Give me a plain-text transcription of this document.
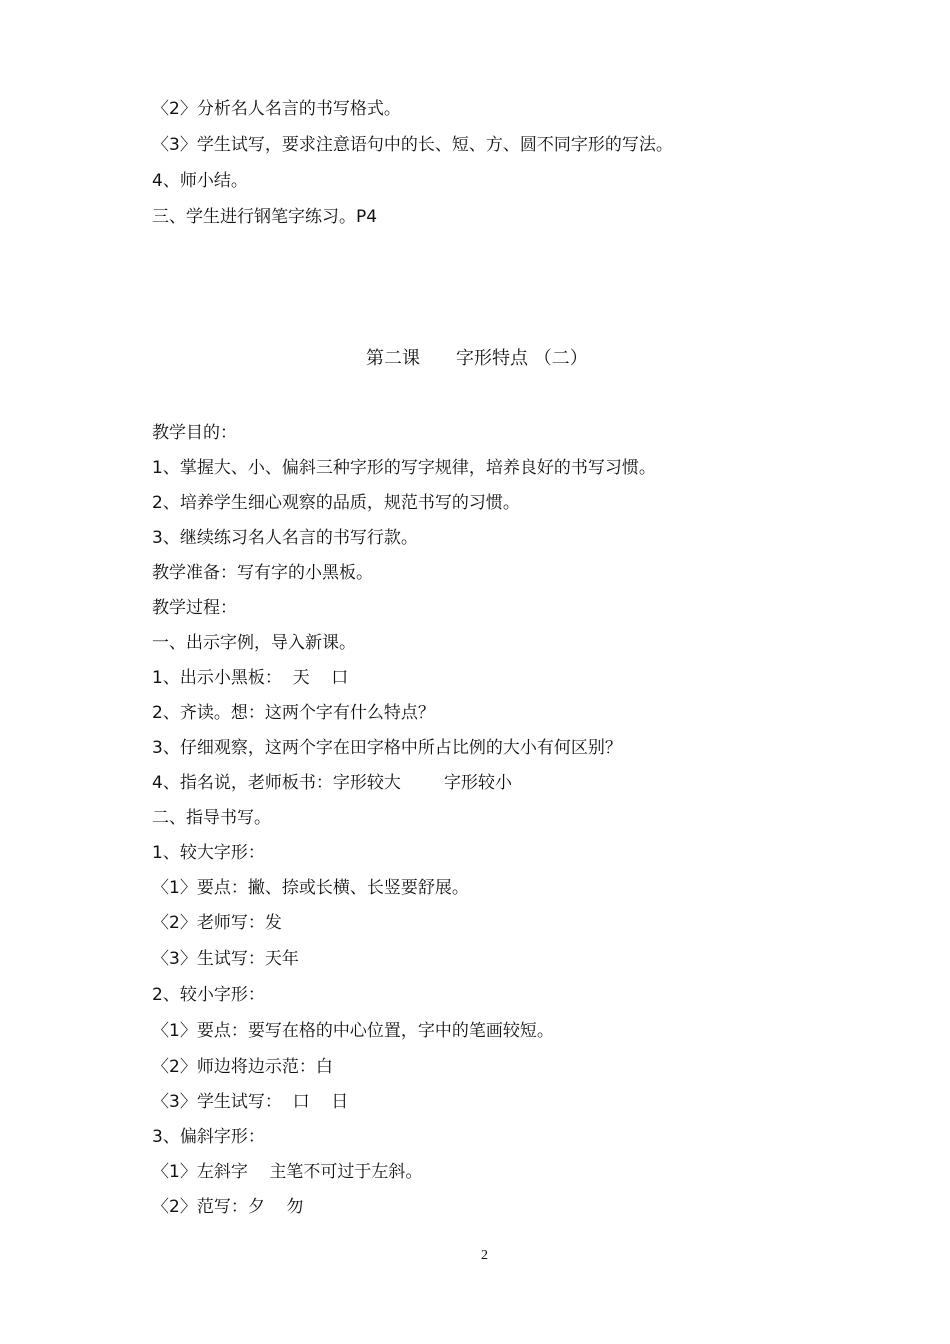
〈2〉分析名人名言的书写格式。
〈3〉学生试写，要求注意语句中的长、短、方、圆不同字形的写法。
4、师小结。
三、学生进行钢笔字练习。P4
第二课　　字形特点 （二）
教学目的：
1、掌握大、小、偏斜三种字形的写字规律，培养良好的书写习惯。
2、培养学生细心观察的品质，规范书写的习惯。
3、继续练习名人名言的书写行款。
教学准备：写有字的小黑板。
教学过程：
一、出示字例，导入新课。
1、出示小黑板：  天    口
2、齐读。想：这两个字有什么特点？
3、仔细观察，这两个字在田字格中所占比例的大小有何区别？
4、指名说，老师板书：字形较大        字形较小
二、指导书写。
1、较大字形：
〈1〉要点：撇、捺或长横、长竖要舒展。
〈2〉老师写：发
〈3〉生试写：天年
2、较小字形：
〈1〉要点：要写在格的中心位置，字中的笔画较短。
〈2〉师边将边示范：白
〈3〉学生试写：  口    日
3、偏斜字形：
〈1〉左斜字    主笔不可过于左斜。
〈2〉范写：夕    勿
2
